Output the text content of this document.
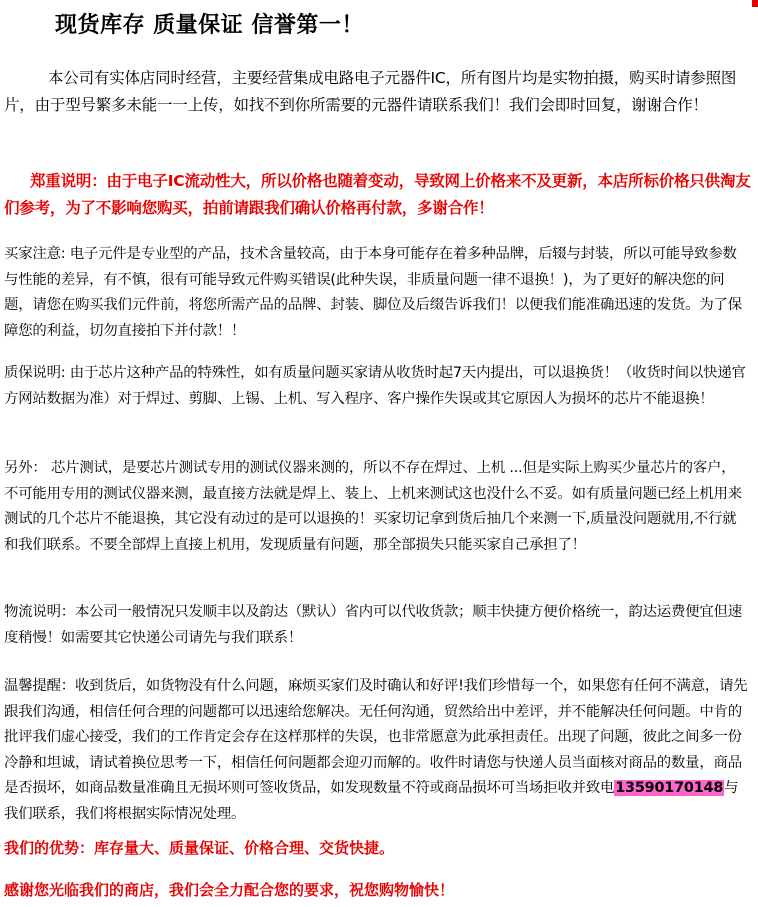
现货库存 质量保证 信誉第一！
本公司有实体店同时经营，主要经营集成电路电子元器件IC，所有图片均是实物拍摄，购买时请参照图片，由于型号繁多未能一一上传，如找不到你所需要的元器件请联系我们！我们会即时回复，谢谢合作！
郑重说明：由于电子IC流动性大，所以价格也随着变动，导致网上价格来不及更新，本店所标价格只供淘友们参考，为了不影响您购买，拍前请跟我们确认价格再付款，多谢合作！
买家注意: 电子元件是专业型的产品，技术含量较高，由于本身可能存在着多种品牌，后辍与封装，所以可能导致参数与性能的差异，有不慎，很有可能导致元件购买错误(此种失误，非质量问题一律不退换！)，为了更好的解决您的问题，请您在购买我们元件前，将您所需产品的品牌、封装、脚位及后缀告诉我们！以便我们能准确迅速的发货。为了保障您的利益，切勿直接拍下并付款！！
质保说明: 由于芯片这种产品的特殊性，如有质量问题买家请从收货时起7天内提出，可以退换货！（收货时间以快递官方网站数据为准）对于焊过、剪脚、上锡、上机、写入程序、客户操作失误或其它原因人为损坏的芯片不能退换！
另外： 芯片测试，是要芯片测试专用的测试仪器来测的，所以不存在焊过、上机 ...但是实际上购买少量芯片的客户，不可能用专用的测试仪器来测，最直接方法就是焊上、装上、上机来测试这也没什么不妥。如有质量问题已经上机用来测试的几个芯片不能退换，其它没有动过的是可以退换的！买家切记拿到货后抽几个来测一下,质量没问题就用,不行就和我们联系。不要全部焊上直接上机用，发现质量有问题，那全部损失只能买家自己承担了！
物流说明：本公司一般情况只发顺丰以及韵达（默认）省内可以代收货款；顺丰快捷方便价格统一，韵达运费便宜但速度稍慢！如需要其它快递公司请先与我们联系！
温馨提醒：收到货后，如货物没有什么问题，麻烦买家们及时确认和好评!我们珍惜每一个，如果您有任何不满意，请先跟我们沟通，相信任何合理的问题都可以迅速给您解决。无任何沟通，贸然给出中差评，并不能解决任何问题。中肯的批评我们虚心接受，我们的工作肯定会存在这样那样的失误，也非常愿意为此承担责任。出现了问题，彼此之间多一份冷静和坦诚，请试着换位思考一下，相信任何问题都会迎刃而解的。收件时请您与快递人员当面核对商品的数量，商品是否损坏，如商品数量准确且无损坏则可签收货品，如发现数量不符或商品损坏可当场拒收并致电13590170148与我们联系，我们将根据实际情况处理。
我们的优势：库存量大、质量保证、价格合理、交货快捷。
感谢您光临我们的商店，我们会全力配合您的要求，祝您购物愉快！
